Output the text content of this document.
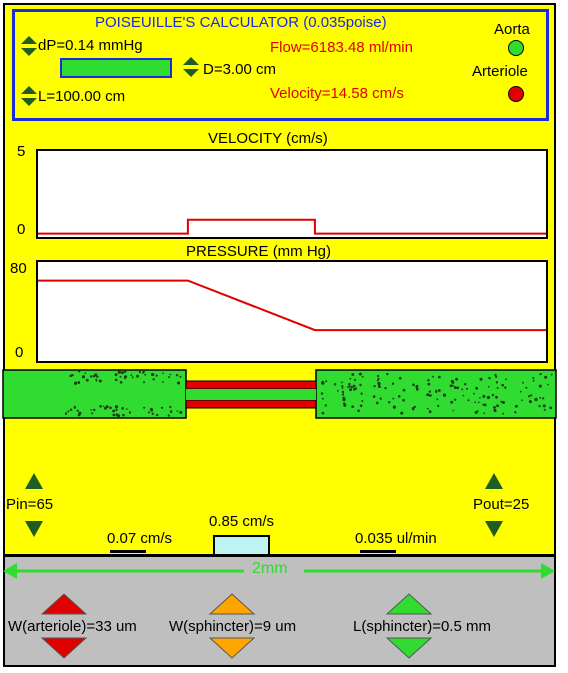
POISEUILLE'S CALCULATOR (0.035poise)
dP=0.14 mmHg
D=3.00 cm
L=100.00 cm
Flow=6183.48 ml/min
Velocity=14.58 cm/s
Aorta
Arteriole
VELOCITY (cm/s)
5
0
PRESSURE (mm Hg)
80
0
Pin=65	Pout=25
0.07 cm/s
0.85 cm/s
0.035 ul/min
2mm
W(arteriole)=33 um W(sphincter)=9 um	L(sphincter)=0.5 mm
